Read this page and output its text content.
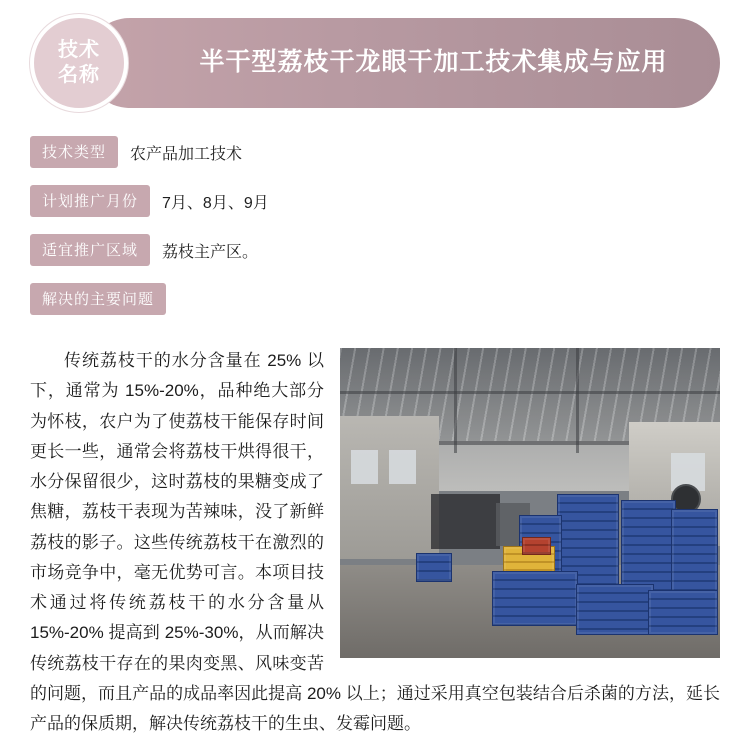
半干型荔枝干龙眼干加工技术集成与应用
技术
名称
技术类型	农产品加工技术
计划推广月份	7月、8月、9月
适宜推广区域	荔枝主产区。
解决的主要问题
传统荔枝干的水分含量在 25% 以下，通常为 15%-20%，品种绝大部分为怀枝，农户为了使荔枝干能保存时间更长一些，通常会将荔枝干烘得很干，水分保留很少，这时荔枝的果糖变成了焦糖，荔枝干表现为苦辣味，没了新鲜荔枝的影子。这些传统荔枝干在激烈的市场竞争中，毫无优势可言。本项目技术通过将传统荔枝干的水分含量从 15%-20% 提高到 25%-30%，从而解决传统荔枝干存在的果肉变黑、风味变苦的问题，而且产品的成品率因此提高 20% 以上；通过采用真空包装结合后杀菌的方法，延长产品的保质期，解决传统荔枝干的生虫、发霉问题。
